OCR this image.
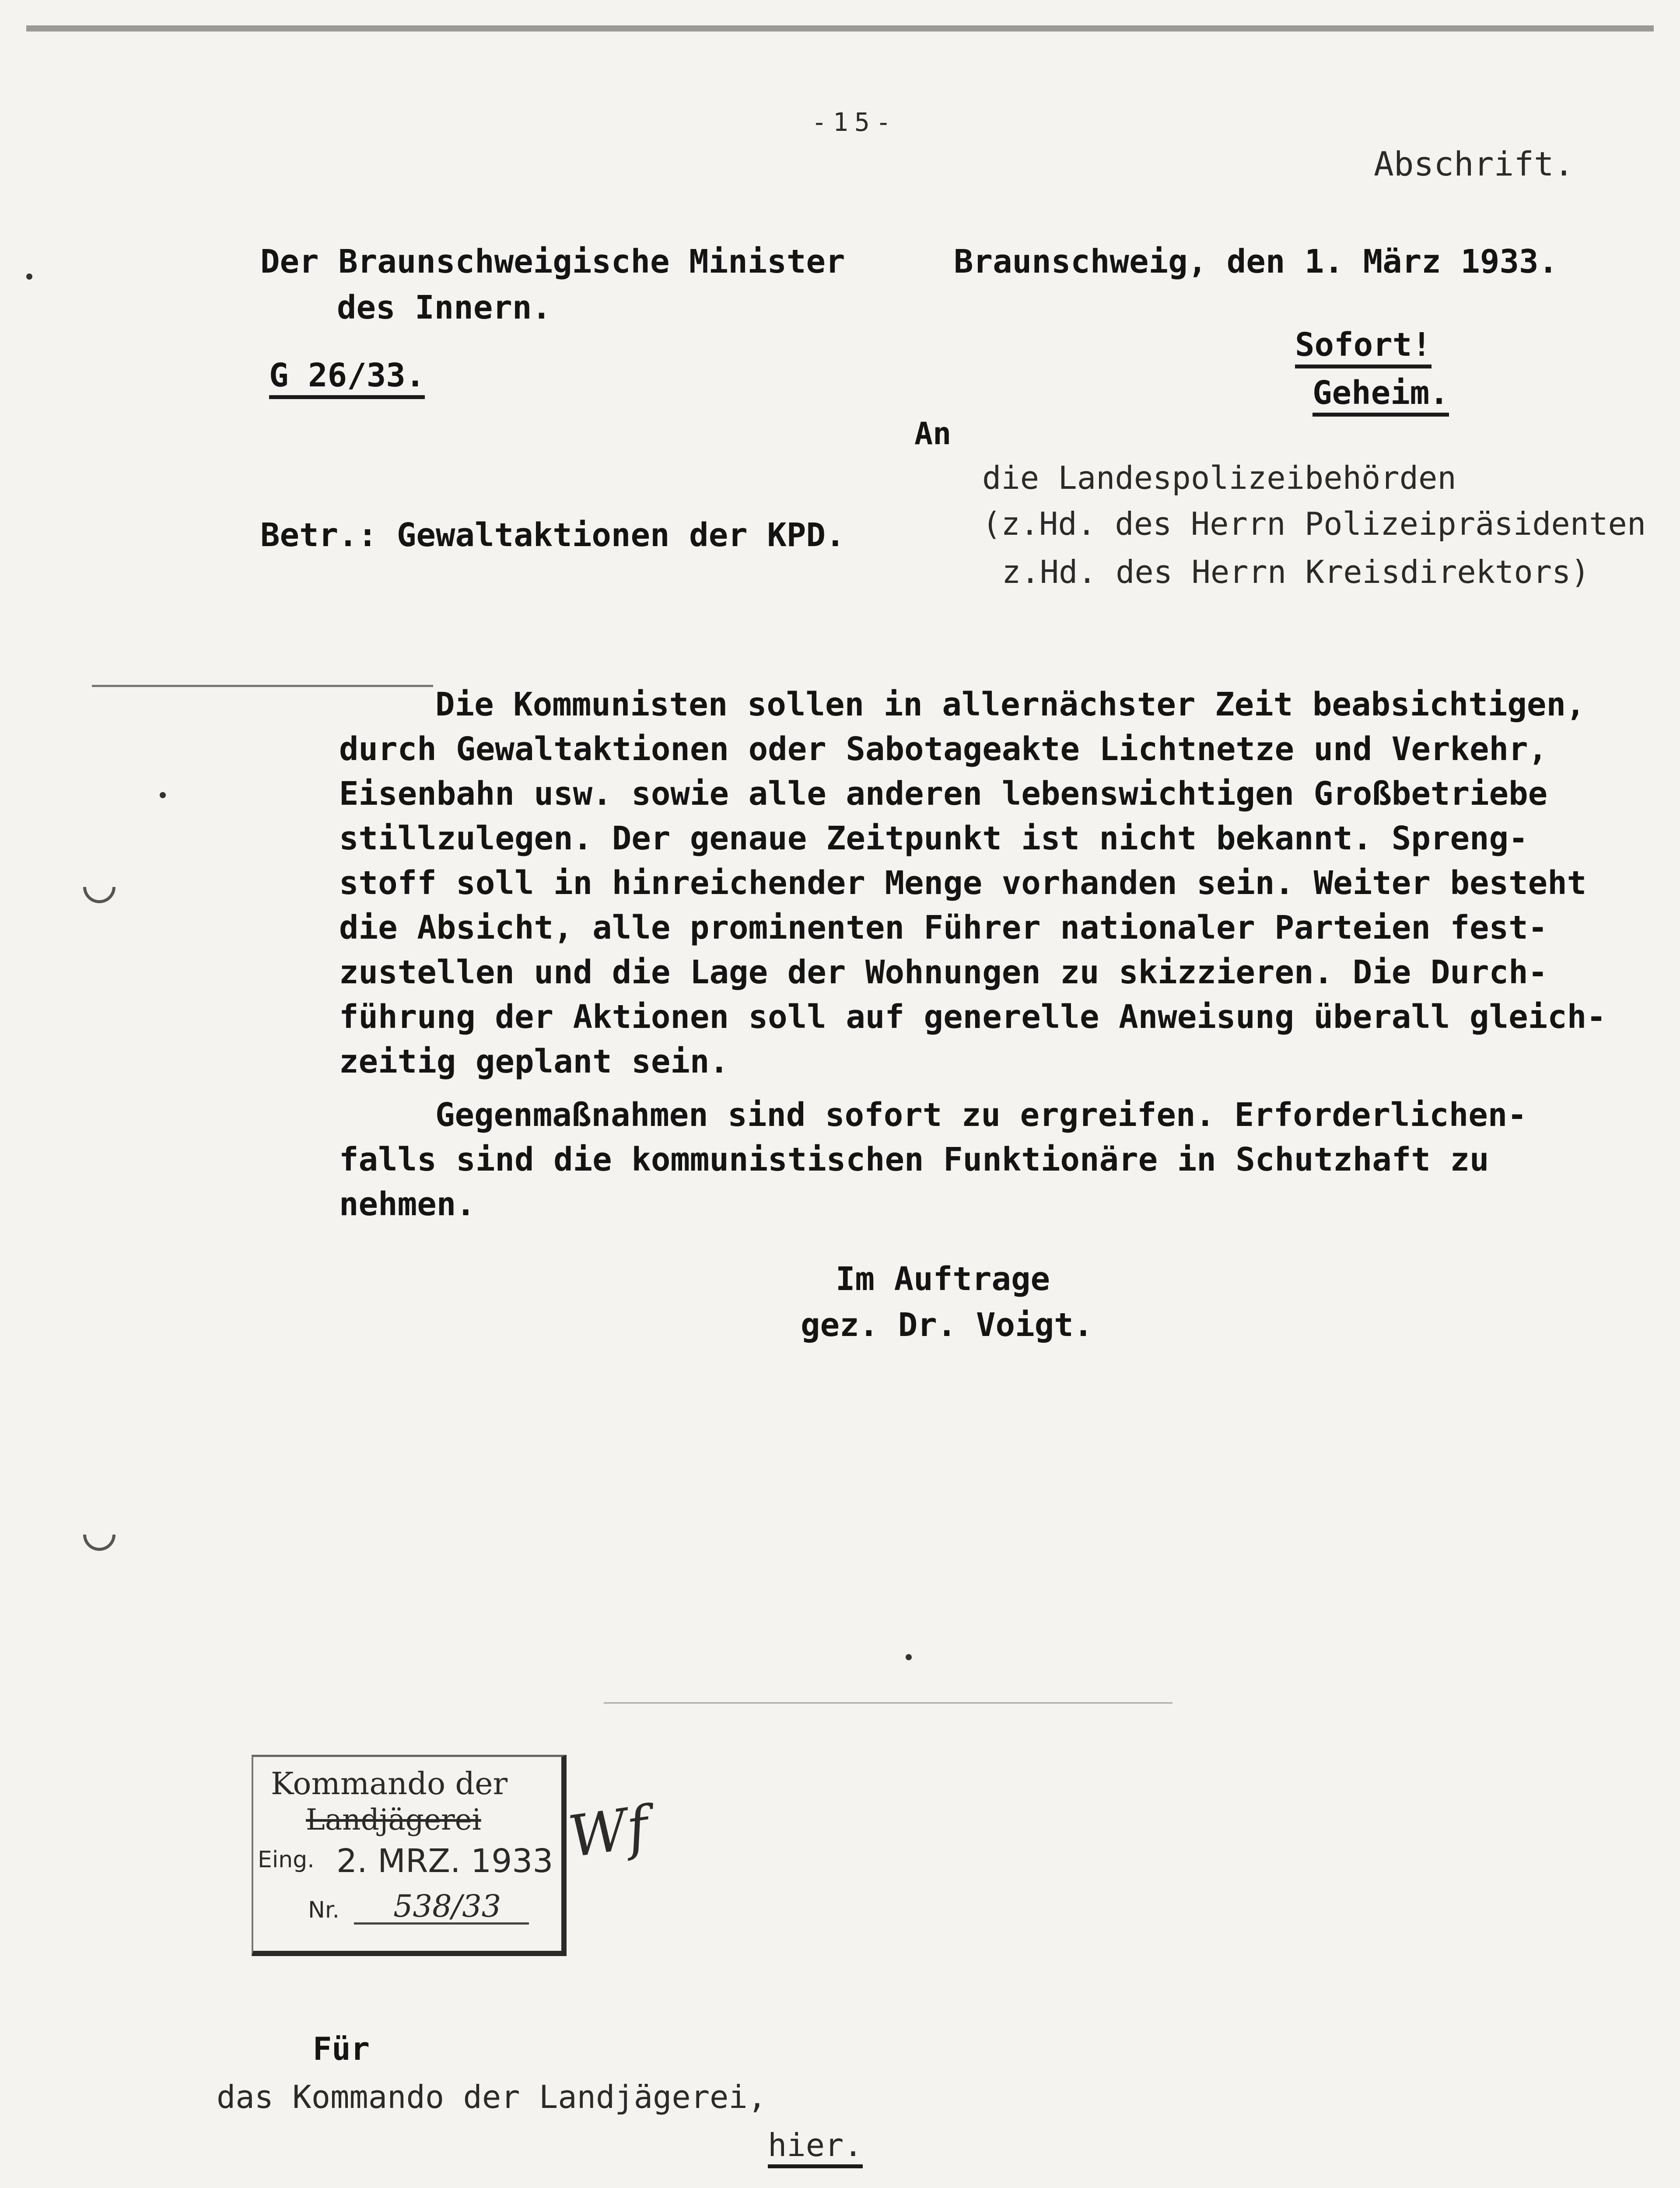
-15-
Abschrift.
Der Braunschweigische Minister
des Innern.
G 26/33.
Braunschweig, den 1. März 1933.
Sofort!
Geheim.
An
die Landespolizeibehörden
(z.Hd. des Herrn Polizeipräsidenten
z.Hd. des Herrn Kreisdirektors)
Betr.: Gewaltaktionen der KPD.
Die Kommunisten sollen in allernächster Zeit beabsichtigen,
durch Gewaltaktionen oder Sabotageakte Lichtnetze und Verkehr,
Eisenbahn usw. sowie alle anderen lebenswichtigen Großbetriebe
stillzulegen. Der genaue Zeitpunkt ist nicht bekannt. Spreng-
stoff soll in hinreichender Menge vorhanden sein. Weiter besteht
die Absicht, alle prominenten Führer nationaler Parteien fest-
zustellen und die Lage der Wohnungen zu skizzieren. Die Durch-
führung der Aktionen soll auf generelle Anweisung überall gleich-
zeitig geplant sein.
Gegenmaßnahmen sind sofort zu ergreifen. Erforderlichen-
falls sind die kommunistischen Funktionäre in Schutzhaft zu
nehmen.
Im Auftrage
gez. Dr. Voigt.
Kommando der
Landjägerei
Eing. 2. MRZ. 1933
Nr. 538/33
Wf
Für
das Kommando der Landjägerei,
hier.
